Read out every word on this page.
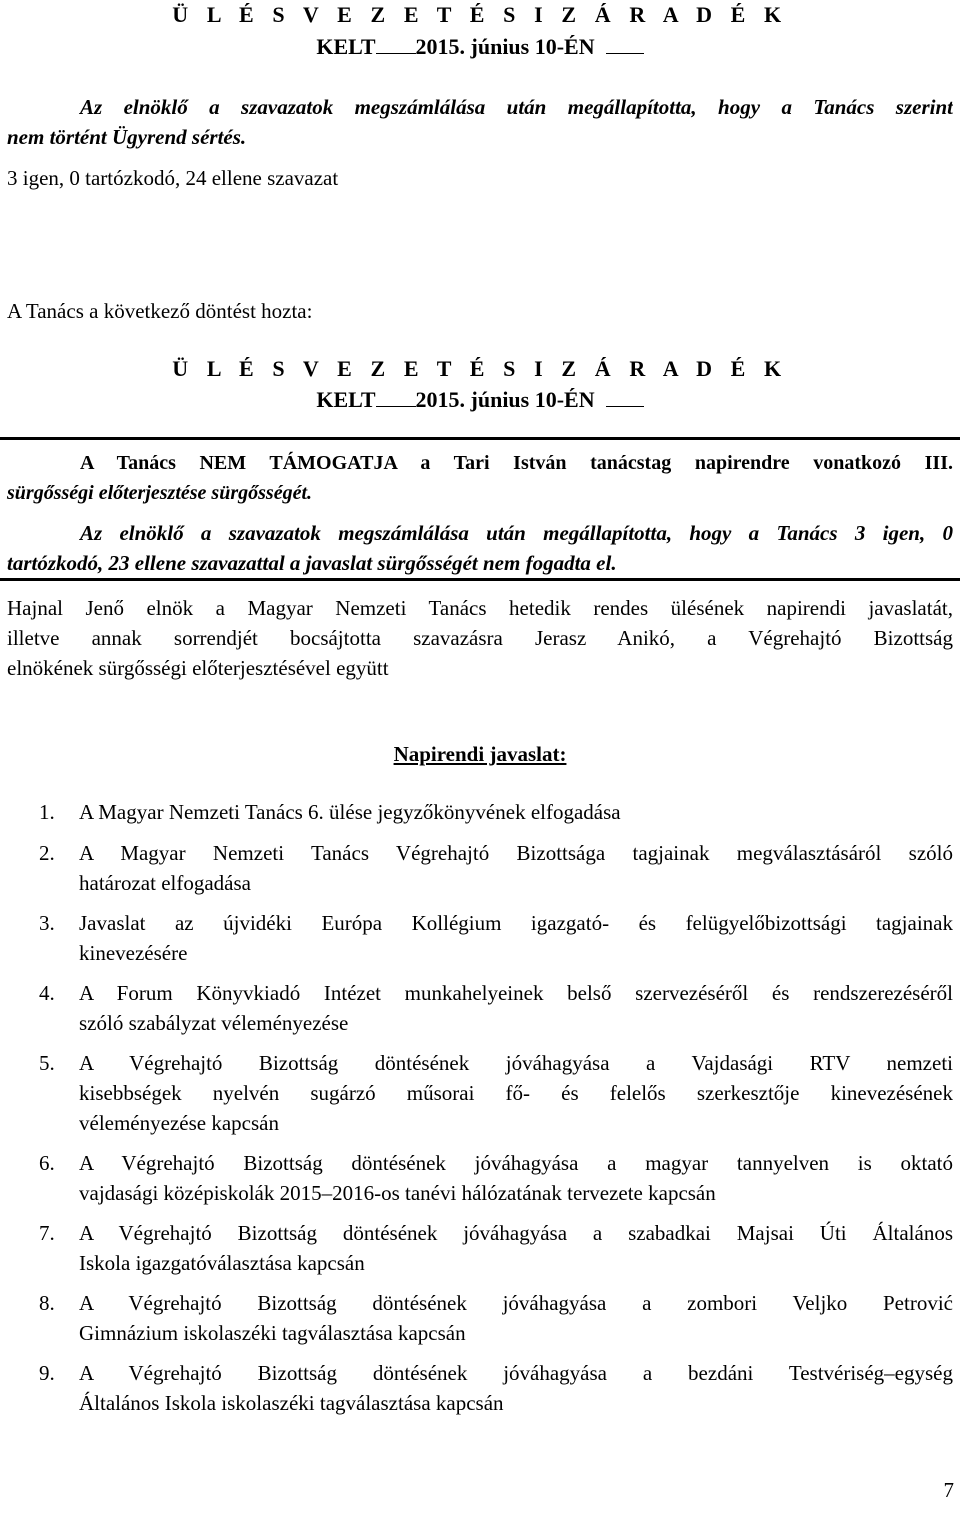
Ü L É S V E Z E T É S I Z Á R A D É K
KELT 2015. június 10-ÉN
Az elnöklő a szavazatok megszámlálása után megállapította, hogy a Tanács szerint
nem történt Ügyrend sértés.
3 igen, 0 tartózkodó, 24 ellene szavazat
A Tanács a következő döntést hozta:
Ü L É S V E Z E T É S I Z Á R A D É K
KELT 2015. június 10-ÉN
A Tanács NEM TÁMOGATJA a Tari István tanácstag napirendre vonatkozó III.
sürgősségi előterjesztése sürgősségét.
Az elnöklő a szavazatok megszámlálása után megállapította, hogy a Tanács 3 igen, 0
tartózkodó, 23 ellene szavazattal a javaslat sürgősségét nem fogadta el.
Hajnal Jenő elnök a Magyar Nemzeti Tanács hetedik rendes ülésének napirendi javaslatát,
illetve annak sorrendjét bocsájtotta szavazásra Jerasz Anikó, a Végrehajtó Bizottság
elnökének sürgősségi előterjesztésével együtt
Napirendi javaslat:
1. A Magyar Nemzeti Tanács 6. ülése jegyzőkönyvének elfogadása
2. A Magyar Nemzeti Tanács Végrehajtó Bizottsága tagjainak megválasztásáról szóló
határozat elfogadása
3. Javaslat az újvidéki Európa Kollégium igazgató- és felügyelőbizottsági tagjainak
kinevezésére
4. A Forum Könyvkiadó Intézet munkahelyeinek belső szervezéséről és rendszerezéséről
szóló szabályzat véleményezése
5. A Végrehajtó Bizottság döntésének jóváhagyása a Vajdasági RTV nemzeti
kisebbségek nyelvén sugárzó műsorai fő- és felelős szerkesztője kinevezésének
véleményezése kapcsán
6. A Végrehajtó Bizottság döntésének jóváhagyása a magyar tannyelven is oktató
vajdasági középiskolák 2015–2016-os tanévi hálózatának tervezete kapcsán
7. A Végrehajtó Bizottság döntésének jóváhagyása a szabadkai Majsai Úti Általános
Iskola igazgatóválasztása kapcsán
8. A Végrehajtó Bizottság döntésének jóváhagyása a zombori Veljko Petrović
Gimnázium iskolaszéki tagválasztása kapcsán
9. A Végrehajtó Bizottság döntésének jóváhagyása a bezdáni Testvériség–egység
Általános Iskola iskolaszéki tagválasztása kapcsán
7
